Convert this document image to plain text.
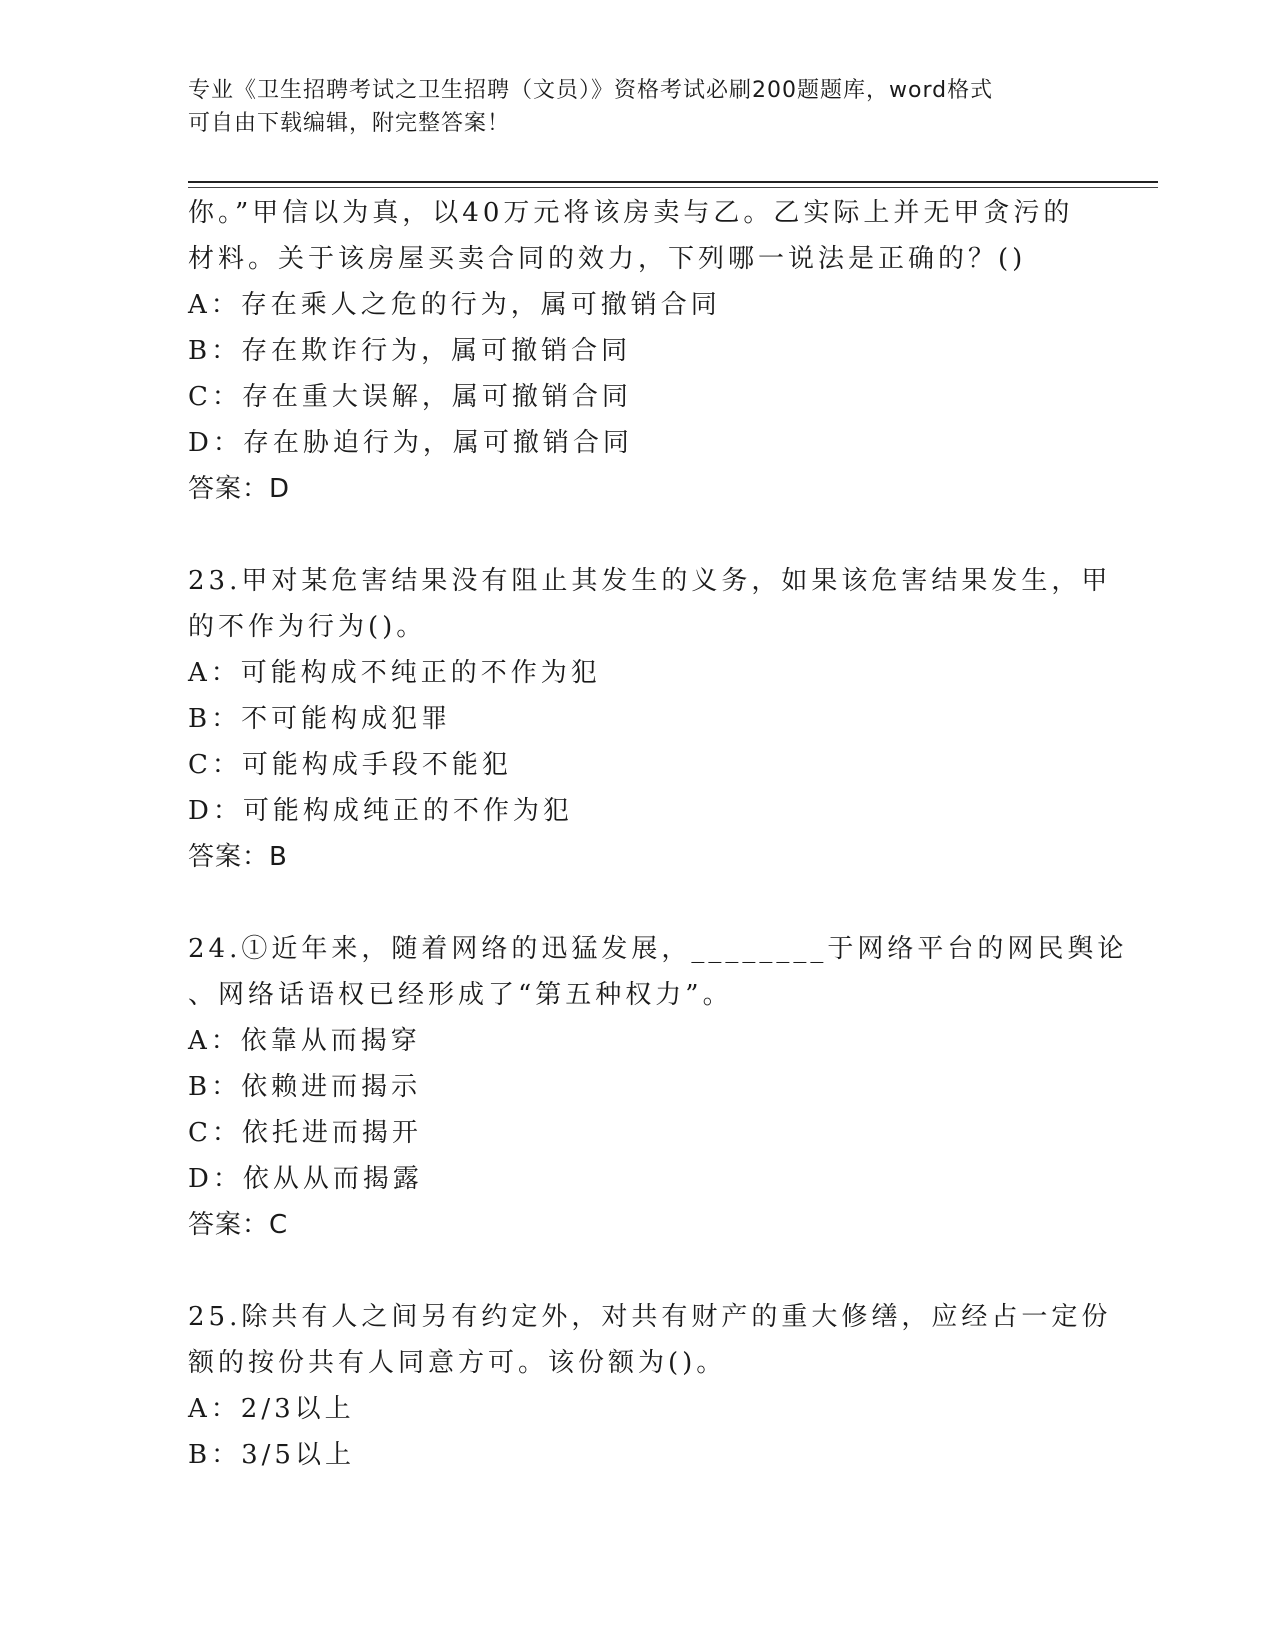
专业《卫生招聘考试之卫生招聘（文员）》资格考试必刷200题题库，word格式
可自由下载编辑，附完整答案！
你。”甲信以为真，以40万元将该房卖与乙。乙实际上并无甲贪污的
材料。关于该房屋买卖合同的效力，下列哪一说法是正确的？()
A：存在乘人之危的行为，属可撤销合同
B：存在欺诈行为，属可撤销合同
C：存在重大误解，属可撤销合同
D：存在胁迫行为，属可撤销合同
答案：D
23.甲对某危害结果没有阻止其发生的义务，如果该危害结果发生，甲
的不作为行为()。
A：可能构成不纯正的不作为犯
B：不可能构成犯罪
C：可能构成手段不能犯
D：可能构成纯正的不作为犯
答案：B
24.①近年来，随着网络的迅猛发展，________于网络平台的网民舆论
、网络话语权已经形成了“第五种权力”。
A：依靠从而揭穿
B：依赖进而揭示
C：依托进而揭开
D：依从从而揭露
答案：C
25.除共有人之间另有约定外，对共有财产的重大修缮，应经占一定份
额的按份共有人同意方可。该份额为()。
A：2/3以上
B：3/5以上
